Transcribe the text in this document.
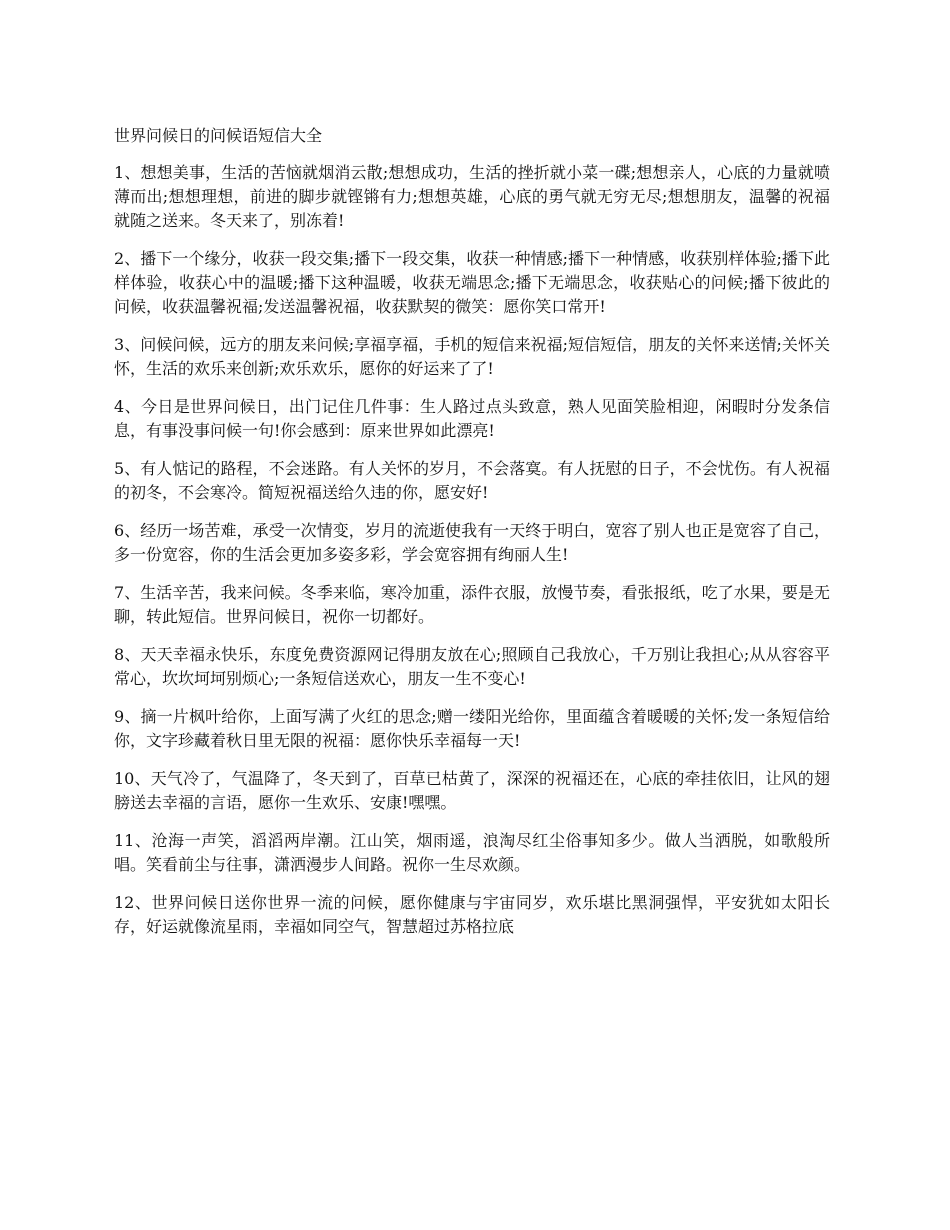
世界问候日的问候语短信大全

1、想想美事，生活的苦恼就烟消云散;想想成功，生活的挫折就小菜一碟;想想亲人，心底的力量就喷薄而出;想想理想，前进的脚步就铿锵有力;想想英雄，心底的勇气就无穷无尽;想想朋友，温馨的祝福就随之送来。冬天来了，别冻着!

2、播下一个缘分，收获一段交集;播下一段交集，收获一种情感;播下一种情感，收获别样体验;播下此样体验，收获心中的温暖;播下这种温暖，收获无端思念;播下无端思念，收获贴心的问候;播下彼此的问候，收获温馨祝福;发送温馨祝福，收获默契的微笑：愿你笑口常开!

3、问候问候，远方的朋友来问候;享福享福，手机的短信来祝福;短信短信，朋友的关怀来送情;关怀关怀，生活的欢乐来创新;欢乐欢乐，愿你的好运来了了!

4、今日是世界问候日，出门记住几件事：生人路过点头致意，熟人见面笑脸相迎，闲暇时分发条信息，有事没事问候一句!你会感到：原来世界如此漂亮!

5、有人惦记的路程，不会迷路。有人关怀的岁月，不会落寞。有人抚慰的日子，不会忧伤。有人祝福的初冬，不会寒冷。简短祝福送给久违的你，愿安好!

6、经历一场苦难，承受一次情变，岁月的流逝使我有一天终于明白，宽容了别人也正是宽容了自己，多一份宽容，你的生活会更加多姿多彩，学会宽容拥有绚丽人生!

7、生活辛苦，我来问候。冬季来临，寒冷加重，添件衣服，放慢节奏，看张报纸，吃了水果，要是无聊，转此短信。世界问候日，祝你一切都好。

8、天天幸福永快乐，东度免费资源网记得朋友放在心;照顾自己我放心，千万别让我担心;从从容容平常心，坎坎坷坷别烦心;一条短信送欢心，朋友一生不变心!

9、摘一片枫叶给你，上面写满了火红的思念;赠一缕阳光给你，里面蕴含着暖暖的关怀;发一条短信给你，文字珍藏着秋日里无限的祝福：愿你快乐幸福每一天!

10、天气冷了，气温降了，冬天到了，百草已枯黄了，深深的祝福还在，心底的牵挂依旧，让风的翅膀送去幸福的言语，愿你一生欢乐、安康!嘿嘿。

11、沧海一声笑，滔滔两岸潮。江山笑，烟雨遥，浪淘尽红尘俗事知多少。做人当洒脱，如歌般所唱。笑看前尘与往事，潇洒漫步人间路。祝你一生尽欢颜。

12、世界问候日送你世界一流的问候，愿你健康与宇宙同岁，欢乐堪比黑洞强悍，平安犹如太阳长存，好运就像流星雨，幸福如同空气，智慧超过苏格拉底
